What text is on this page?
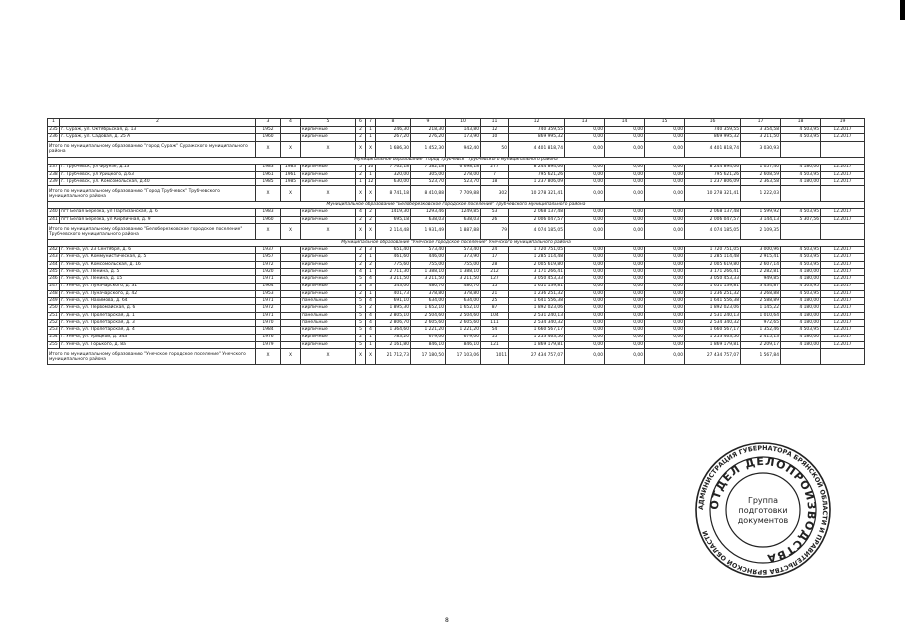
1	2	3	4	5	6	7	8	9	10	11	12	13	14	15	16	17	18	19
235	г. Сураж, ул. Октябрьская, д. 13	1952		кирпичные	2	1	246,30	218,30	143,80	12	740 359,55	0,00	0,00	0,00	740 359,55	3 354,58	4 503,95	12.2017
236	г. Сураж, ул. Садовая, д. 25 А	1960		кирпичные	2	1	267,20	276,20	173,90	10	869 995,32	0,00	0,00	0,00	869 995,32	3 211,50	4 503,95	12.2017
Итого по муниципальному образованию "город Сураж" Суражского муниципального района		X	X	X	X	X	1 686,30	1 452,30	942,40	50	4 401 818,74	0,00	0,00	0,00	4 401 818,74	3 030,93		
Муниципальное образование "Город Трубчевск" Трубчевского муниципального района																		
237	г. Трубчевск, ул Фрунзе, д.13	1983	1983	кирпичные	5	10	7 762,18	7 582,18	6 698,18	277	8 244 894,06	0,00	0,00	0,00	8 244 894,06	1 057,40	4 180,00	12.2017
238	г. Трубчевск, ул Урицкого, д.63	1961	1961	кирпичные	2	1	320,00	305,00	278,00	7	795 621,26	0,00	0,00	0,00	795 621,26	2 608,59	4 503,95	12.2017
239	г. Трубчевск, ул. Комсомольская, д.40	1985	1985	кирпичные	1	12	630,00	523,70	523,70	18	1 237 806,09	0,00	0,00	0,00	1 237 806,09	2 363,58	4 180,00	12.2017
Итого по муниципальному образованию "Город Трубчевск" Трубчевского муниципального района		X	X	X	X	X	8 741,18	8 410,88	7 709,88	302	10 278 321,41	0,00	0,00	0,00	10 278 321,41	1 222,03		
Муниципальное образование "Белоберезковское городское поселение" Трубчевского муниципального района																		
240	пгт Белая Березка, ул Партизанская, д. 6	1983		кирпичные	4	2	1419,30	1293,46	1249,85	53	2 068 137,48	0,00	0,00	0,00	2 068 137,48	1 599,92	4 503,95	12.2017
241	пгт Белая Березка, ул Кирпичная, д. 9	1960		кирпичные	2	2	695,18	638,03	638,03	26	2 006 047,57	0,00	0,00	0,00	2 006 047,57	3 144,13	5 307,56	12.2017
Итого по муниципальному образованию "Белоберезковское городское поселение" Трубчевского муниципального района		X	X	X	X	X	2 114,48	1 931,49	1 887,88	79	4 074 185,05	0,00	0,00	0,00	4 074 185,05	2 109,35		
Муниципальное образование "Унечское городское поселение" Унечского муниципального района																		
242	г. Унеча, ул. 23 Сентября, д. 6	1937		кирпичные	2	3	651,40	573,40	573,40	24	1 720 751,05	0,00	0,00	0,00	1 720 751,05	3 000,96	4 503,95	12.2017
243	г. Унеча, ул. Коммунистическая, д. 5	1957		кирпичные	2	1	461,60	446,00	373,90	17	1 285 114,48	0,00	0,00	0,00	1 285 114,48	2 915,41	4 503,95	12.2017
244	г. Унеча, ул. Комсомольская, д. 16	1972		кирпичные	2	2	775,60	755,00	755,00	28	2 005 619,80	0,00	0,00	0,00	2 005 619,80	2 607,14	4 503,95	12.2017
245	г. Унеча, ул. Ленина, д. 5	1920		кирпичные	4	1	2 711,30	1 388,10	1 388,10	212	3 171 266,41	0,00	0,00	0,00	3 171 266,41	2 282,81	4 180,00	12.2017
246	г. Унеча, ул. Ленина, д. 15	1971		кирпичные	5	4	3 211,50	3 211,50	3 211,50	127	3 050 453,33	0,00	0,00	0,00	3 050 453,33	949,85	4 180,00	12.2017
247	г. Унеча, ул. Луначарского, д. 31	1964		кирпичные	2	3	543,00	480,70	480,70	15	1 651 139,81	0,00	0,00	0,00	1 651 139,81	3 434,87	4 503,95	12.2017
248	г. Унеча, ул. Луначарского, д. 42	1953		кирпичные	2	1	401,73	378,80	378,80	21	1 236 251,32	0,00	0,00	0,00	1 236 251,32	3 268,88	4 503,95	12.2017
249	г. Унеча, ул. Нахимова, д. 64	1971		панельные	5	4	691,10	634,00	634,00	25	1 641 556,38	0,00	0,00	0,00	1 641 556,38	2 588,89	4 180,00	12.2017
250	г. Унеча, ул. Первомайская, д. 6	1972		кирпичные	5	2	1 895,30	1 652,10	1 652,10	87	1 892 023,06	0,00	0,00	0,00	1 892 023,06	1 145,22	4 180,00	12.2017
251	г. Унеча, ул. Пролетарская, д. 1	1971		панельные	5	4	2 805,10	2 504,60	2 504,60	104	2 531 240,13	0,00	0,00	0,00	2 531 240,13	1 010,64	4 180,00	12.2017
252	г. Унеча, ул. Пролетарская, д. 3	1970		панельные	5	4	2 806,70	2 605,60	2 605,60	111	2 534 340,32	0,00	0,00	0,00	2 534 340,32	972,65	4 180,00	12.2017
253	г. Унеча, ул. Пролетарская, д. 4	1984		кирпичные	5	4	1 364,60	1 221,20	1 221,20	54	1 660 567,17	0,00	0,00	0,00	1 660 567,17	1 352,46	4 503,95	12.2017
254	г. Унеча, ул. Урицкой, д. 34а	1976		кирпичные	2	1	783,20	679,00	679,00	55	1 253 463,50	0,00	0,00	0,00	1 253 463,50	2 415,13	4 180,00	12.2017
255	г. Унеча, ул. Горького, д. 8а	1979		кирпичные	5	1	2 161,80	846,10	846,10	121	1 869 179,81	0,00	0,00	0,00	1 869 179,81	2 209,17	4 180,00	12.2017
Итого по муниципальному образованию "Унечское городское поселение" Унечского муниципального района		X	X	X	X	X	21 712,73	17 180,50	17 103,06	1011	27 434 757,07	0,00	0,00	0,00	27 434 757,07	1 567,84		
АДМИНИСТРАЦИЯ ГУБЕРНАТОРА БРЯНСКОЙ ОБЛАСТИ И ПРАВИТЕЛЬСТВА БРЯНСКОЙ ОБЛАСТИ
ОТДЕЛ ДЕЛОПРОИЗВОДСТВА
Группа
подготовки
документов
8
